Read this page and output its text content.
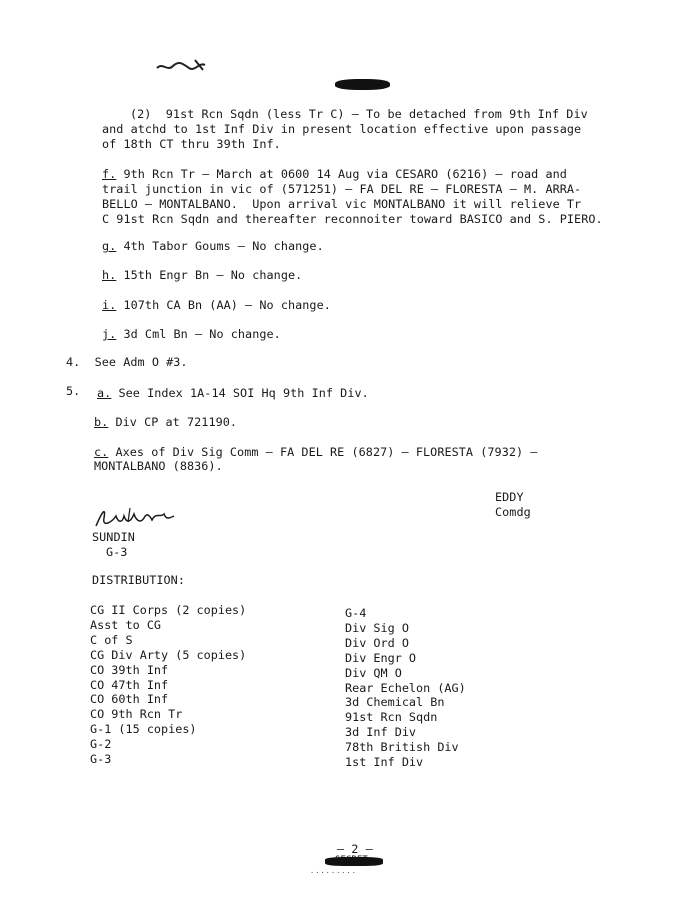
(2)  91st Rcn Sqdn (less Tr C) – To be detached from 9th Inf Div
and atchd to 1st Inf Div in present location effective upon passage
of 18th CT thru 39th Inf.
f. 9th Rcn Tr – March at 0600 14 Aug via CESARO (6216) – road and
trail junction in vic of (571251) – FA DEL RE – FLORESTA – M. ARRA-
BELLO – MONTALBANO.  Upon arrival vic MONTALBANO it will relieve Tr
C 91st Rcn Sqdn and thereafter reconnoiter toward BASICO and S. PIERO.
g. 4th Tabor Goums – No change.
h. 15th Engr Bn – No change.
i. 107th CA Bn (AA) – No change.
j. 3d Cml Bn – No change.
4.  See Adm O #3.
5. a. See Index 1A-14 SOI Hq 9th Inf Div.
b. Div CP at 721190.
c. Axes of Div Sig Comm – FA DEL RE (6827) – FLORESTA (7932) –
MONTALBANO (8836).
EDDY
Comdg
SUNDIN
G-3
DISTRIBUTION:
CG II Corps (2 copies)
Asst to CG
C of S
CG Div Arty (5 copies)
CO 39th Inf
CO 47th Inf
CO 60th Inf
CO 9th Rcn Tr
G-1 (15 copies)
G-2
G-3
G-4
Div Sig O
Div Ord O
Div Engr O
Div QM O
Rear Echelon (AG)
3d Chemical Bn
91st Rcn Sqdn
3d Inf Div
78th British Div
1st Inf Div
– 2 –
SECRET
·········
